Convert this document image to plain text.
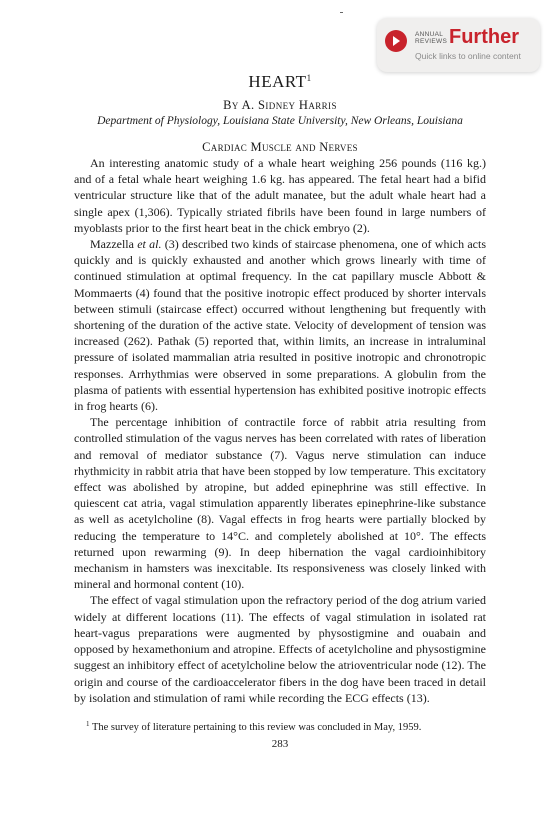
ANNUAL
REVIEWS Further
Quick links to online content
HEART$^1$
By A. Sidney Harris
Department of Physiology, Louisiana State University, New Orleans, Louisiana
Cardiac Muscle and Nerves

An interesting anatomic study of a whale heart weighing 256 pounds (116 kg.) and of a fetal whale heart weighing 1.6 kg. has appeared. The fetal heart had a bifid ventricular structure like that of the adult manatee, but the adult whale heart had a single apex (1,306). Typically striated fibrils have been found in large numbers of myoblasts prior to the first heart beat in the chick embryo (2).

Mazzella et al. (3) described two kinds of staircase phenomena, one of which acts quickly and is quickly exhausted and another which grows linearly with time of continued stimulation at optimal frequency. In the cat papillary muscle Abbott & Mommaerts (4) found that the positive inotropic effect produced by shorter intervals between stimuli (staircase effect) occurred without lengthening but frequently with shortening of the duration of the active state. Velocity of development of tension was increased (262). Pathak (5) reported that, within limits, an increase in intraluminal pressure of isolated mammalian atria resulted in positive inotropic and chronotropic responses. Arrhythmias were observed in some preparations. A globulin from the plasma of patients with essential hypertension has exhibited positive inotropic effects in frog hearts (6).

The percentage inhibition of contractile force of rabbit atria resulting from controlled stimulation of the vagus nerves has been correlated with rates of liberation and removal of mediator substance (7). Vagus nerve stimulation can induce rhythmicity in rabbit atria that have been stopped by low temperature. This excitatory effect was abolished by atropine, but added epinephrine was still effective. In quiescent cat atria, vagal stimulation apparently liberates epinephrine-like substance as well as acetylcholine (8). Vagal effects in frog hearts were partially blocked by reducing the temperature to 14°C. and completely abolished at 10°. The effects returned upon rewarming (9). In deep hibernation the vagal cardioinhibitory mechanism in hamsters was inexcitable. Its responsiveness was closely linked with mineral and hormonal content (10).

The effect of vagal stimulation upon the refractory period of the dog atrium varied widely at different locations (11). The effects of vagal stimulation in isolated rat heart-vagus preparations were augmented by physostigmine and ouabain and opposed by hexamethonium and atropine. Effects of acetylcholine and physostigmine suggest an inhibitory effect of acetylcholine below the atrioventricular node (12). The origin and course of the cardioaccelerator fibers in the dog have been traced in detail by isolation and stimulation of rami while recording the ECG effects (13).

$^1$ The survey of literature pertaining to this review was concluded in May, 1959.
283
